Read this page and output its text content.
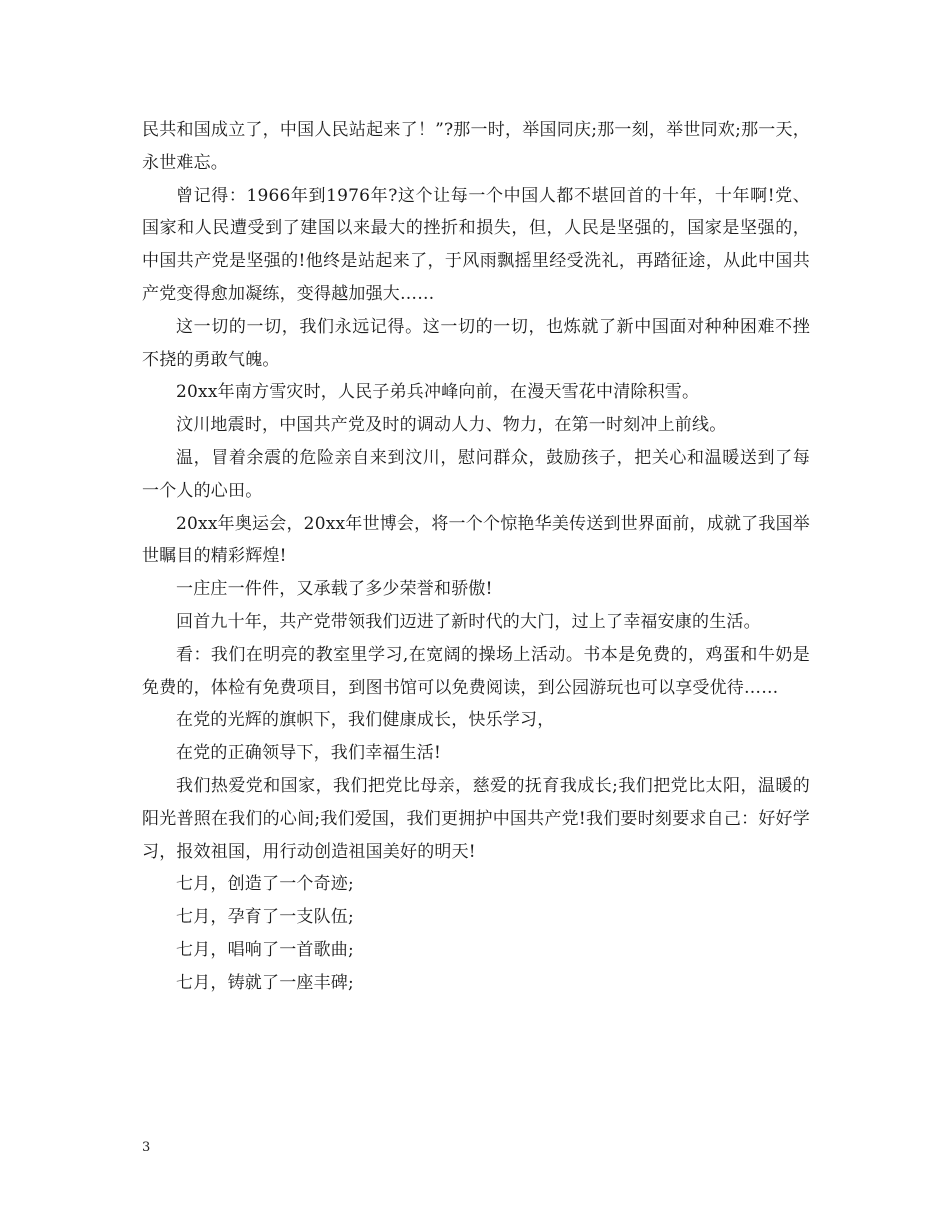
民共和国成立了，中国人民站起来了！”?那一时，举国同庆;那一刻，举世同欢;那一天，永世难忘。

曾记得：1966年到1976年?这个让每一个中国人都不堪回首的十年，十年啊!党、国家和人民遭受到了建国以来最大的挫折和损失，但，人民是坚强的，国家是坚强的，中国共产党是坚强的!他终是站起来了，于风雨飘摇里经受洗礼，再踏征途，从此中国共产党变得愈加凝练，变得越加强大……

这一切的一切，我们永远记得。这一切的一切，也炼就了新中国面对种种困难不挫不挠的勇敢气魄。

20xx年南方雪灾时，人民子弟兵冲峰向前，在漫天雪花中清除积雪。

汶川地震时，中国共产党及时的调动人力、物力，在第一时刻冲上前线。

温，冒着余震的危险亲自来到汶川，慰问群众，鼓励孩子，把关心和温暖送到了每一个人的心田。

20xx年奥运会，20xx年世博会，将一个个惊艳华美传送到世界面前，成就了我国举世瞩目的精彩辉煌!

一庄庄一件件，又承载了多少荣誉和骄傲!

回首九十年，共产党带领我们迈进了新时代的大门，过上了幸福安康的生活。

看：我们在明亮的教室里学习,在宽阔的操场上活动。书本是免费的，鸡蛋和牛奶是免费的，体检有免费项目，到图书馆可以免费阅读，到公园游玩也可以享受优待……

在党的光辉的旗帜下，我们健康成长，快乐学习，

在党的正确领导下，我们幸福生活!

我们热爱党和国家，我们把党比母亲，慈爱的抚育我成长;我们把党比太阳，温暖的阳光普照在我们的心间;我们爱国，我们更拥护中国共产党!我们要时刻要求自己：好好学习，报效祖国，用行动创造祖国美好的明天!

七月，创造了一个奇迹;

七月，孕育了一支队伍;

七月，唱响了一首歌曲;

七月，铸就了一座丰碑;

3
